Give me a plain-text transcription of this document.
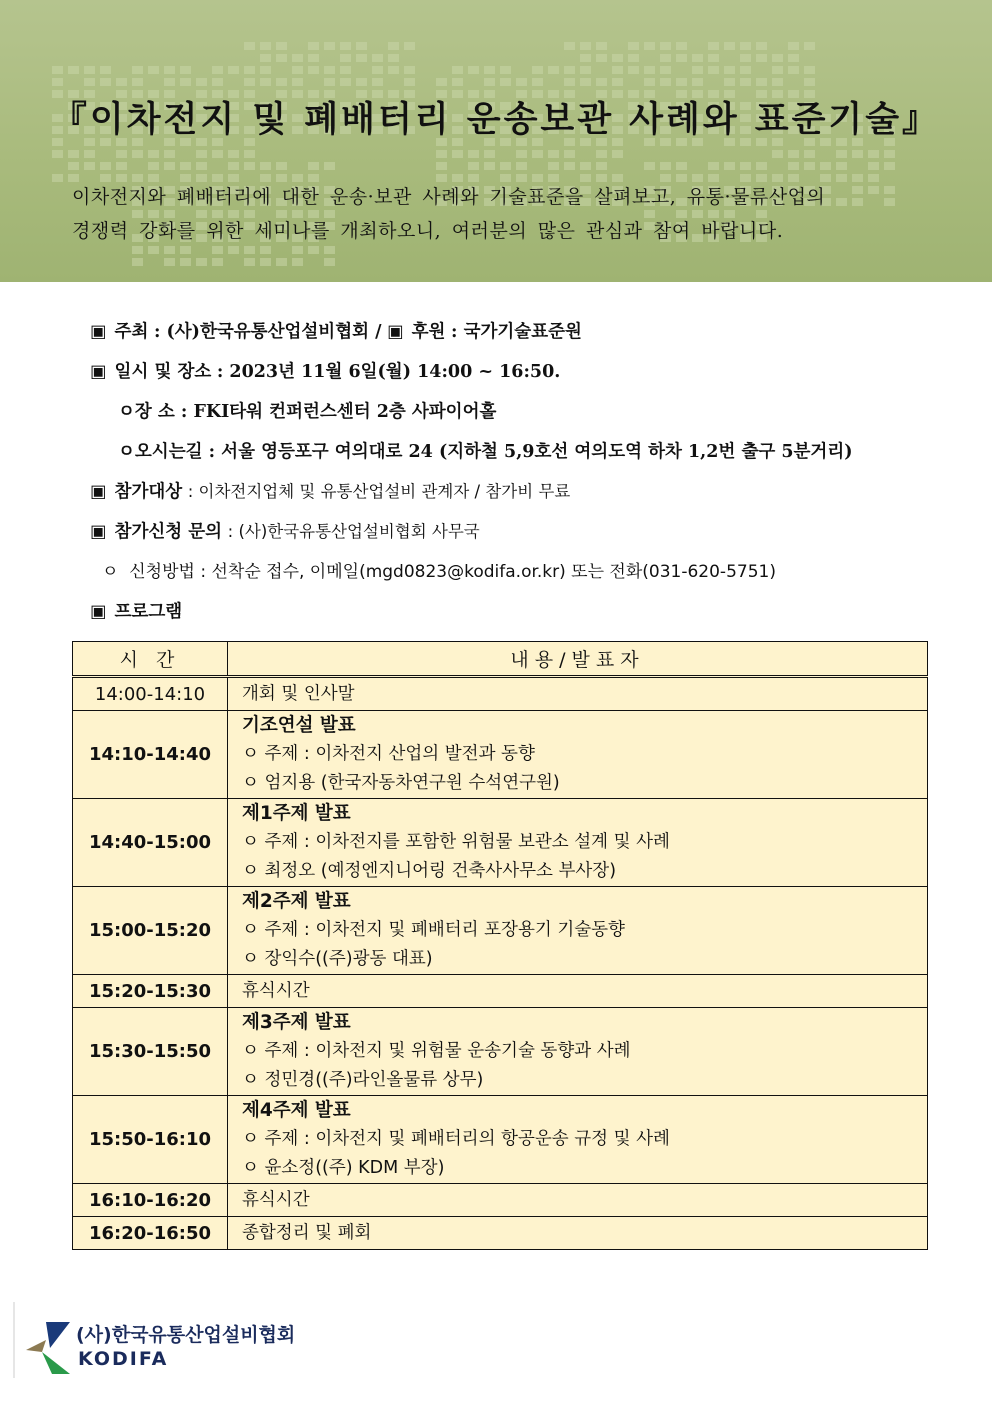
『이차전지 및 폐배터리 운송보관 사례와 표준기술』
이차전지와 폐배터리에 대한 운송·보관 사례와 기술표준을 살펴보고, 유통·물류산업의
경쟁력 강화를 위한 세미나를 개최하오니, 여러분의 많은 관심과 참여 바랍니다.
▣ 주최 : (사)한국유통산업설비협회 / ▣ 후원 : 국가기술표준원
▣ 일시 및 장소 : 2023년 11월 6일(월) 14:00 ~ 16:50.
ㅇ장 소 : FKI타워 컨퍼런스센터 2층 사파이어홀
ㅇ오시는길 : 서울 영등포구 여의대로 24 (지하철 5,9호선 여의도역 하차 1,2번 출구 5분거리)
▣ 참가대상 : 이차전지업체 및 유통산업설비 관계자 / 참가비 무료
▣ 참가신청 문의 : (사)한국유통산업설비협회 사무국
ㅇ 신청방법 : 선착순 접수, 이메일(mgd0823@kodifa.or.kr) 또는 전화(031-620-5751)
▣ 프로그램
시 간	내용/발표자
14:00-14:10	개회 및 인사말

14:10-14:40	기조연설 발표
ㅇ 주제 : 이차전지 산업의 발전과 동향
ㅇ 엄지용 (한국자동차연구원 수석연구원)

14:40-15:00	제1주제 발표
ㅇ 주제 : 이차전지를 포함한 위험물 보관소 설계 및 사례
ㅇ 최정오 (예정엔지니어링 건축사사무소 부사장)

15:00-15:20	제2주제 발표
ㅇ 주제 : 이차전지 및 폐배터리 포장용기 기술동향
ㅇ 장익수((주)광동 대표)

15:20-15:30	휴식시간

15:30-15:50	제3주제 발표
ㅇ 주제 : 이차전지 및 위험물 운송기술 동향과 사례
ㅇ 정민경((주)라인올물류 상무)

15:50-16:10	제4주제 발표
ㅇ 주제 : 이차전지 및 폐배터리의 항공운송 규정 및 사례
ㅇ 윤소정((주) KDM 부장)

16:10-16:20	휴식시간

16:20-16:50	종합정리 및 폐회
(사)한국유통산업설비협회
KODIFA
